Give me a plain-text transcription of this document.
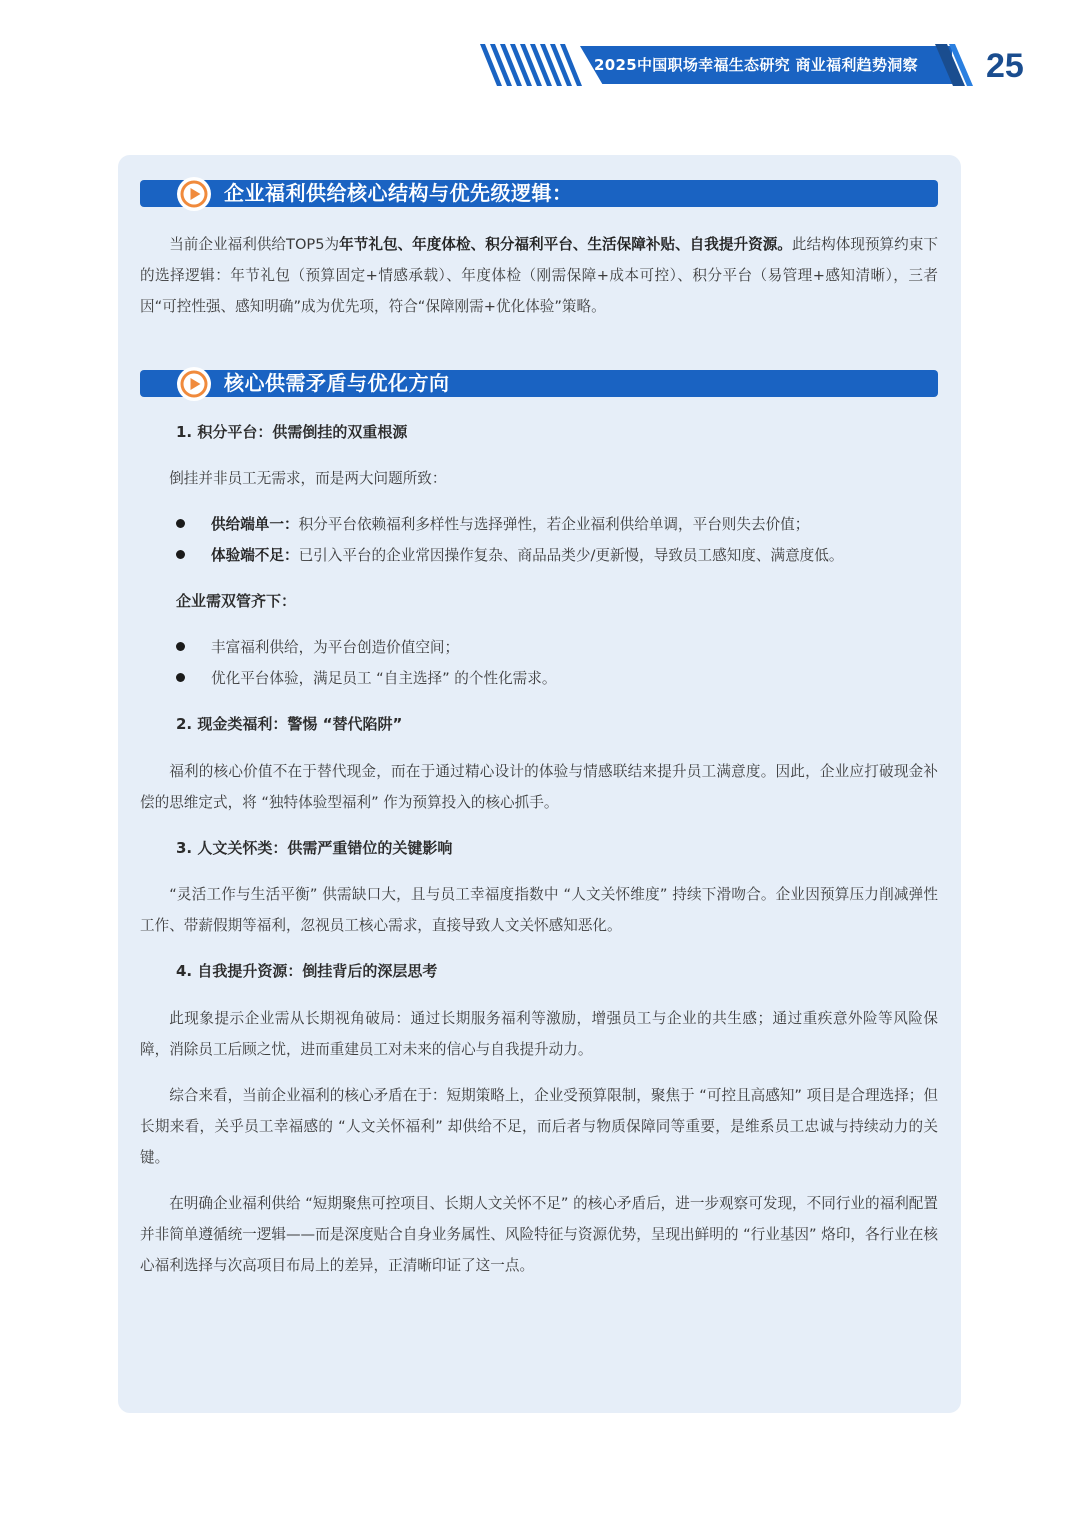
2025中国职场幸福生态研究 商业福利趋势洞察 25
企业福利供给核心结构与优先级逻辑：

当前企业福利供给TOP5为年节礼包、年度体检、积分福利平台、生活保障补贴、自我提升资源。此结构体现预算约束下的选择逻辑：年节礼包（预算固定+情感承载）、年度体检（刚需保障+成本可控）、积分平台（易管理+感知清晰），三者因“可控性强、感知明确”成为优先项，符合“保障刚需+优化体验”策略。

核心供需矛盾与优化方向

1. 积分平台：供需倒挂的双重根源

倒挂并非员工无需求，而是两大问题所致：

供给端单一：积分平台依赖福利多样性与选择弹性，若企业福利供给单调，平台则失去价值；
体验端不足：已引入平台的企业常因操作复杂、商品品类少/更新慢，导致员工感知度、满意度低。

企业需双管齐下：

丰富福利供给，为平台创造价值空间；
优化平台体验，满足员工 “自主选择” 的个性化需求。

2. 现金类福利：警惕 “替代陷阱”

福利的核心价值不在于替代现金，而在于通过精心设计的体验与情感联结来提升员工满意度。因此，企业应打破现金补偿的思维定式，将 “独特体验型福利” 作为预算投入的核心抓手。

3. 人文关怀类：供需严重错位的关键影响

“灵活工作与生活平衡” 供需缺口大，且与员工幸福度指数中 “人文关怀维度” 持续下滑吻合。企业因预算压力削减弹性工作、带薪假期等福利，忽视员工核心需求，直接导致人文关怀感知恶化。

4. 自我提升资源：倒挂背后的深层思考

此现象提示企业需从长期视角破局：通过长期服务福利等激励，增强员工与企业的共生感；通过重疾意外险等风险保障，消除员工后顾之忧，进而重建员工对未来的信心与自我提升动力。

综合来看，当前企业福利的核心矛盾在于：短期策略上，企业受预算限制，聚焦于 “可控且高感知” 项目是合理选择；但长期来看，关乎员工幸福感的 “人文关怀福利” 却供给不足，而后者与物质保障同等重要，是维系员工忠诚与持续动力的关键。

在明确企业福利供给 “短期聚焦可控项目、长期人文关怀不足” 的核心矛盾后，进一步观察可发现，不同行业的福利配置并非简单遵循统一逻辑——而是深度贴合自身业务属性、风险特征与资源优势，呈现出鲜明的 “行业基因” 烙印，各行业在核心福利选择与次高项目布局上的差异，正清晰印证了这一点。
